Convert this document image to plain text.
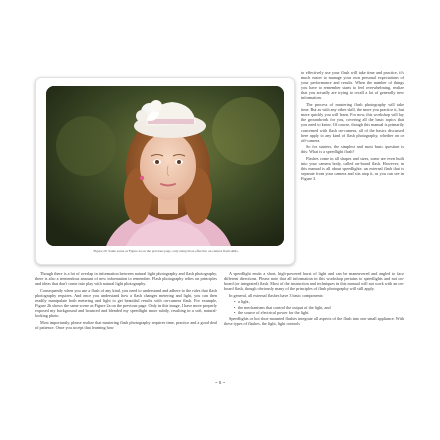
Figure 2b: Same scene as Figure 2a on the previous page, only using more effective on-camera flash skills.

to effectively use your flash will take time and practice, it's much easier to manage your own personal expectations of your performance and results. When the number of things you have to remember starts to feel overwhelming, realize that you actually are trying to recall a lot of generally new information.

The process of mastering flash photography will take time. But as with any other skill, the more you practice it, but more quickly you will learn. For now, this workshop will lay the groundwork for you, covering all the basic topics that you need to know. Of course, though this manual is primarily concerned with flash on-camera, all of the basics discussed here apply to any kind of flash photography, whether on or off-camera.

So for starters, the simplest and most basic question is this: What is a speedlight flash?

Flashes come in all shapes and sizes, some are even built into your camera body, called on-board flash. However, in this manual is all about speedlights: an external flash that is separate from your camera and sits atop it, as you can see in Figure 3.

Though there is a lot of overlap in information between natural light photography and flash photography, there is also a tremendous amount of new information to remember. Flash photography relies on principles and ideas that don't come into play with natural light photography.

Consequently when you use a flash of any kind, you need to understand and adhere to the rules that flash photography requires. And once you understand how a flash changes metering and light, you can then readily manipulate both metering and light to get beautiful results with on-camera flash. For example, Figure 2b shows the same scene as Figure 2a on the previous page. Only in this image, I have more properly exposed my background and bounced and blended my speedlight more subtly, resulting in a soft, natural-looking photo.

Most importantly, please realize that mastering flash photography requires time, practice and a good deal of patience. Once you accept that learning how

A speedlight emits a short, high-powered burst of light and can be maneuvered and angled to face different directions. Please note that all information in this workshop pertains to speedlights and not on-board (or integrated) flash. Most of the instruction and techniques in this manual will not work with an on-board flash, though obviously many of the principles of flash photography will still apply.

In general, all external flashes have 3 basic components:

• a light,
• the mechanisms that control the output of the light, and
• the source of electrical power for the light.

Speedlights or hot shoe mounted flashes integrate all aspects of the flash into one small appliance. With these types of flashes, the light, light controls

~ 5 ~
